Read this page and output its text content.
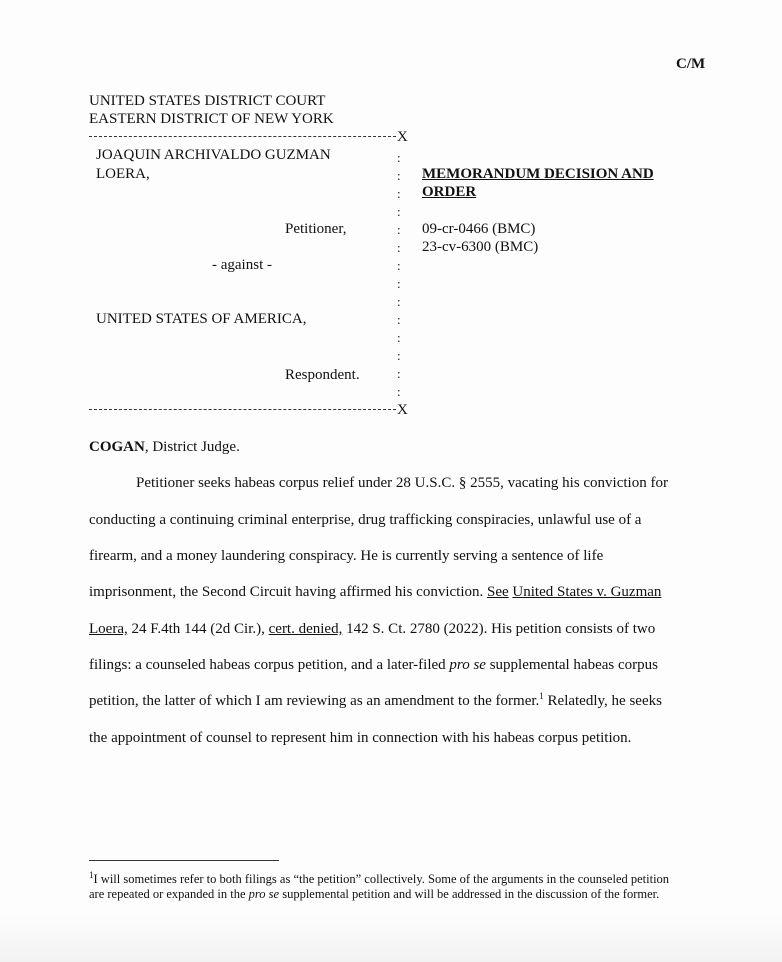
C/M
UNITED STATES DISTRICT COURT
EASTERN DISTRICT OF NEW YORK
X
JOAQUIN ARCHIVALDO GUZMAN
LOERA,
Petitioner,
- against -
UNITED STATES OF AMERICA,
Respondent.
:
:
:
:
:
:
:
:
:
:
:
:
:
:
X
MEMORANDUM DECISION AND
ORDER
09-cr-0466 (BMC)
23-cv-6300 (BMC)
COGAN, District Judge.
Petitioner seeks habeas corpus relief under 28 U.S.C. § 2555, vacating his conviction for
conducting a continuing criminal enterprise, drug trafficking conspiracies, unlawful use of a
firearm, and a money laundering conspiracy. He is currently serving a sentence of life
imprisonment, the Second Circuit having affirmed his conviction. See United States v. Guzman
Loera, 24 F.4th 144 (2d Cir.), cert. denied, 142 S. Ct. 2780 (2022). His petition consists of two
filings: a counseled habeas corpus petition, and a later-filed pro se supplemental habeas corpus
petition, the latter of which I am reviewing as an amendment to the former.$^1$ Relatedly, he seeks
the appointment of counsel to represent him in connection with his habeas corpus petition.
$^1$I will sometimes refer to both filings as “the petition” collectively. Some of the arguments in the counseled petition
are repeated or expanded in the pro se supplemental petition and will be addressed in the discussion of the former.
